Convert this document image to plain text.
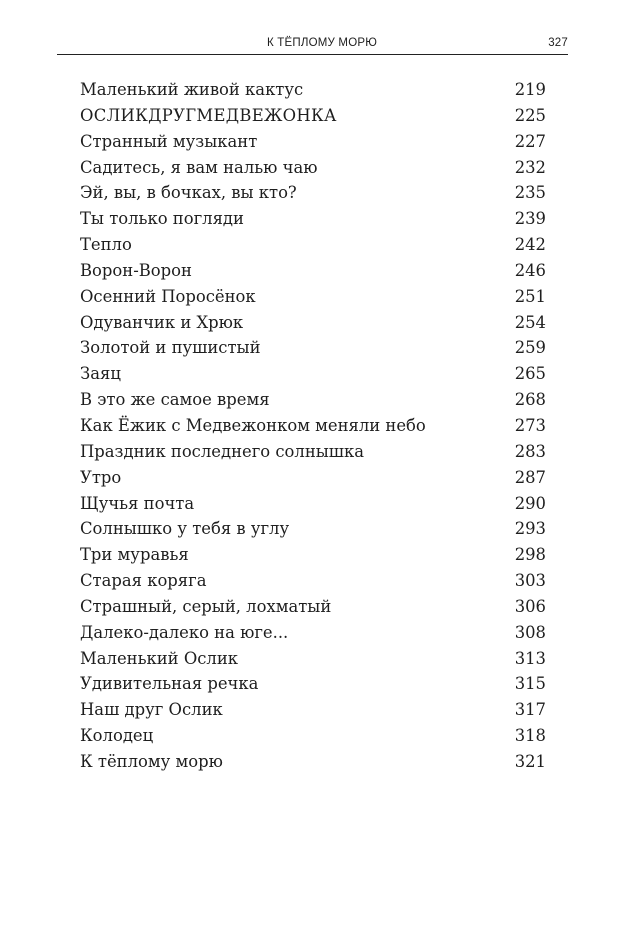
К ТЁПЛОМУ МОРЮ	327
Маленький живой кактус	219
ОСЛИКДРУГМЕДВЕЖОНКА	225
Странный музыкант	227
Садитесь, я вам налью чаю	232
Эй, вы, в бочках, вы кто?	235
Ты только погляди	239
Тепло	242
Ворон-Ворон	246
Осенний Поросёнок	251
Одуванчик и Хрюк	254
Золотой и пушистый	259
Заяц	265
В это же самое время	268
Как Ёжик с Медвежонком меняли небо	273
Праздник последнего солнышка	283
Утро	287
Щучья почта	290
Солнышко у тебя в углу	293
Три муравья	298
Старая коряга	303
Страшный, серый, лохматый	306
Далеко-далеко на юге...	308
Маленький Ослик	313
Удивительная речка	315
Наш друг Ослик	317
Колодец	318
К тёплому морю	321
